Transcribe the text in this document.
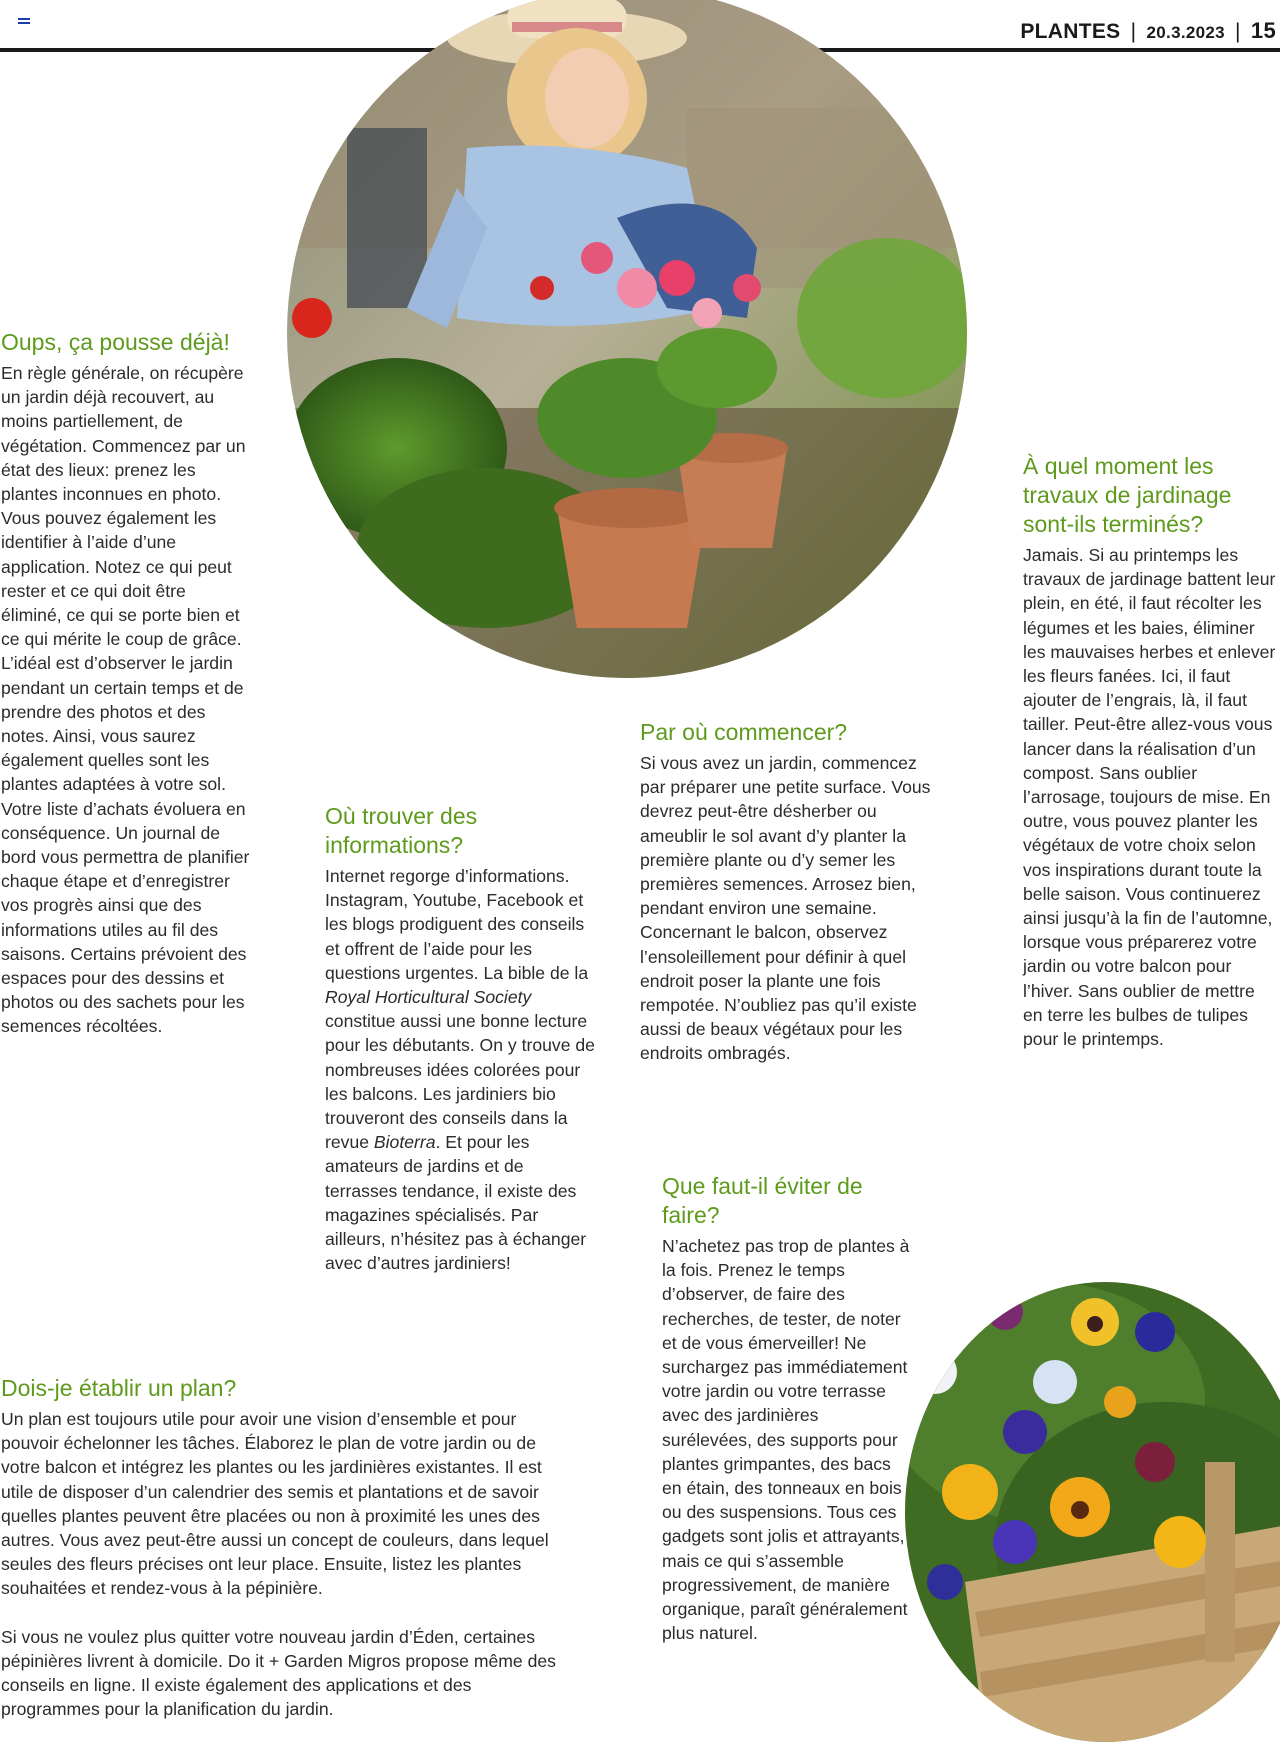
PLANTES | 20.3.2023 | 15
Oups, ça pousse déjà!

En règle générale, on récupère un jardin déjà recouvert, au moins partiellement, de végétation. Commencez par un état des lieux: prenez les plantes inconnues en photo. Vous pouvez également les identifier à l’aide d’une application. Notez ce qui peut rester et ce qui doit être éliminé, ce qui se porte bien et ce qui mérite le coup de grâce. L’idéal est d’observer le jardin pendant un certain temps et de prendre des photos et des notes. Ainsi, vous saurez également quelles sont les plantes adaptées à votre sol. Votre liste d’achats évoluera en conséquence. Un journal de bord vous permettra de planifier chaque étape et d’enregistrer vos progrès ainsi que des informations utiles au fil des saisons. Certains prévoient des espaces pour des dessins et photos ou des sachets pour les semences récoltées.

Où trouver des informations?

Internet regorge d’informations. Instagram, Youtube, Facebook et les blogs prodiguent des conseils et offrent de l’aide pour les questions urgentes. La bible de la Royal Horticultural Society constitue aussi une bonne lecture pour les débutants. On y trouve de nombreuses idées colorées pour les balcons. Les jardiniers bio trouveront des conseils dans la revue Bioterra. Et pour les amateurs de jardins et de terrasses tendance, il existe des magazines spécialisés. Par ailleurs, n’hésitez pas à échanger avec d’autres jardiniers!

Par où commencer?

Si vous avez un jardin, commencez par préparer une petite surface. Vous devrez peut-être désherber ou ameublir le sol avant d’y planter la première plante ou d’y semer les premières semences. Arrosez bien, pendant environ une semaine. Concernant le balcon, observez l’ensoleillement pour définir à quel endroit poser la plante une fois rempotée. N’oubliez pas qu’il existe aussi de beaux végétaux pour les endroits ombragés.

À quel moment les travaux de jardinage sont-ils terminés?

Jamais. Si au printemps les travaux de jardinage battent leur plein, en été, il faut récolter les légumes et les baies, éliminer les mauvaises herbes et enlever les fleurs fanées. Ici, il faut ajouter de l’engrais, là, il faut tailler. Peut-être allez-vous vous lancer dans la réalisation d’un compost. Sans oublier l’arrosage, toujours de mise. En outre, vous pouvez planter les végétaux de votre choix selon vos inspirations durant toute la belle saison. Vous continuerez ainsi jusqu’à la fin de l’automne, lorsque vous préparerez votre jardin ou votre balcon pour l’hiver. Sans oublier de mettre en terre les bulbes de tulipes pour le printemps.

Que faut-il éviter de faire?

N’achetez pas trop de plantes à la fois. Prenez le temps d’observer, de faire des recherches, de tester, de noter et de vous émerveiller! Ne surchargez pas immédiatement votre jardin ou votre terrasse avec des jardinières surélevées, des supports pour plantes grimpantes, des bacs en étain, des tonneaux en bois ou des suspensions. Tous ces gadgets sont jolis et attrayants, mais ce qui s’assemble progressivement, de manière organique, paraît généralement plus naturel.

Dois-je établir un plan?

Un plan est toujours utile pour avoir une vision d’ensemble et pour pouvoir échelonner les tâches. Élaborez le plan de votre jardin ou de votre balcon et intégrez les plantes ou les jardinières existantes. Il est utile de disposer d’un calendrier des semis et plantations et de savoir quelles plantes peuvent être placées ou non à proximité les unes des autres. Vous avez peut-être aussi un concept de couleurs, dans lequel seules des fleurs précises ont leur place. Ensuite, listez les plantes souhaitées et rendez-vous à la pépinière.

Si vous ne voulez plus quitter votre nouveau jardin d’Éden, certaines pépinières livrent à domicile. Do it + Garden Migros propose même des conseils en ligne. Il existe également des applications et des programmes pour la planification du jardin.
